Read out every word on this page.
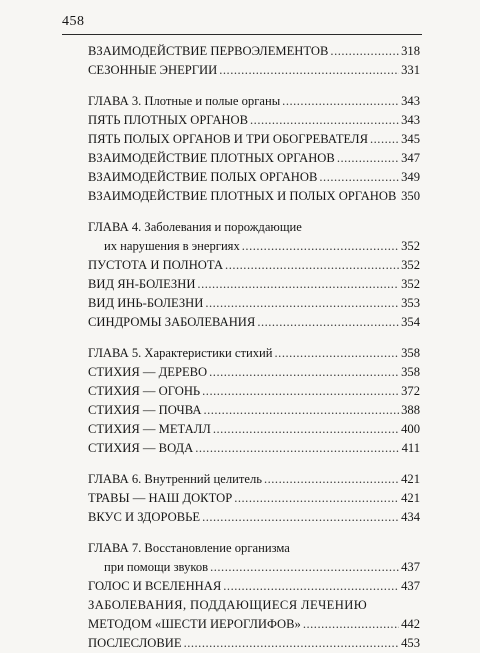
458
ВЗАИМОДЕЙСТВИЕ ПЕРВОЭЛЕМЕНТОВ .....	318
СЕЗОННЫЕ ЭНЕРГИИ .....	331
ГЛАВА 3. Плотные и полые органы .....	343
ПЯТЬ ПЛОТНЫХ ОРГАНОВ .....	343
ПЯТЬ ПОЛЫХ ОРГАНОВ И ТРИ ОБОГРЕВАТЕЛЯ .....	345
ВЗАИМОДЕЙСТВИЕ ПЛОТНЫХ ОРГАНОВ .....	347
ВЗАИМОДЕЙСТВИЕ ПОЛЫХ ОРГАНОВ .....	349
ВЗАИМОДЕЙСТВИЕ ПЛОТНЫХ И ПОЛЫХ ОРГАНОВ ..... 350
ГЛАВА 4. Заболевания и порождающие
их нарушения в энергиях .....	352
ПУСТОТА И ПОЛНОТА .....	352
ВИД ЯН-БОЛЕЗНИ .....	352
ВИД ИНЬ-БОЛЕЗНИ .....	353
СИНДРОМЫ ЗАБОЛЕВАНИЯ .....	354
ГЛАВА 5. Характеристики стихий .....	358
СТИХИЯ — ДЕРЕВО .....	358
СТИХИЯ — ОГОНЬ .....	372
СТИХИЯ — ПОЧВА .....	388
СТИХИЯ — МЕТАЛЛ .....	400
СТИХИЯ — ВОДА .....	411
ГЛАВА 6. Внутренний целитель .....	421
ТРАВЫ — НАШ ДОКТОР .....	421
ВКУС И ЗДОРОВЬЕ .....	434
ГЛАВА 7. Восстановление организма
при помощи звуков .....	437
ГОЛОС И ВСЕЛЕННАЯ .....	437
ЗАБОЛЕВАНИЯ, ПОДДАЮЩИЕСЯ ЛЕЧЕНИЮ
МЕТОДОМ «ШЕСТИ ИЕРОГЛИФОВ» .....	442
ПОСЛЕСЛОВИЕ .....	453
